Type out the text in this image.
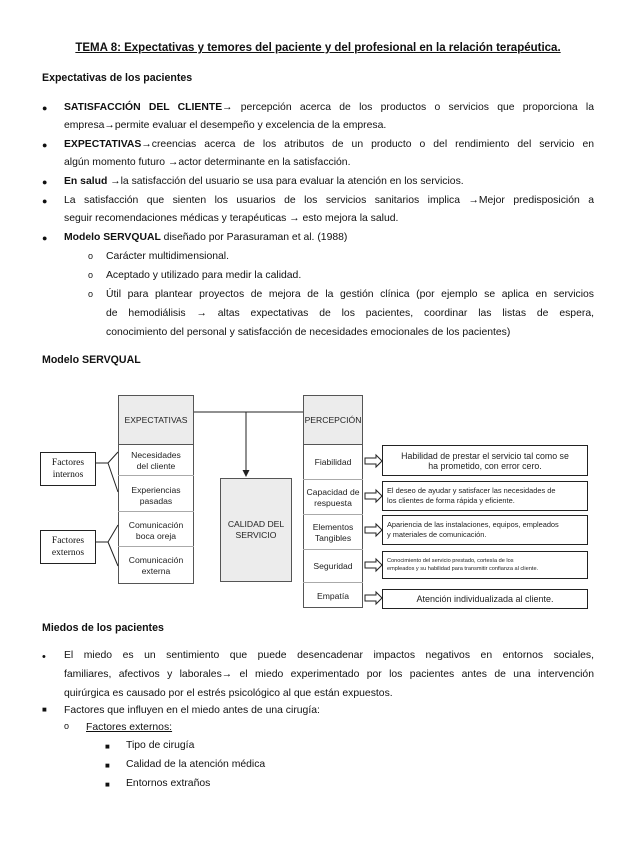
TEMA 8: Expectativas y temores del paciente y del profesional en la relación terapéutica.
Expectativas de los pacientes
● SATISFACCIÓN DEL CLIENTE→ percepción acerca de los productos o servicios que proporciona la
empresa→permite evaluar el desempeño y excelencia de la empresa.
● EXPECTATIVAS→creencias acerca de los atributos de un producto o del rendimiento del servicio en
algún momento futuro →actor determinante en la satisfacción.
● En salud →la satisfacción del usuario se usa para evaluar la atención en los servicios.
● La satisfacción que sienten los usuarios de los servicios sanitarios implica →Mejor predisposición a
seguir recomendaciones médicas y terapéuticas → esto mejora la salud.
● Modelo SERVQUAL diseñado por Parasuraman et al. (1988)
o Carácter multidimensional.
o Aceptado y utilizado para medir la calidad.
o Útil para plantear proyectos de mejora de la gestión clínica (por ejemplo se aplica en servicios
de hemodiálisis → altas expectativas de los pacientes, coordinar las listas de espera,
conocimiento del personal y satisfacción de necesidades emocionales de los pacientes)
Modelo SERVQUAL
EXPECTATIVAS
Necesidades
del cliente
Experiencias
pasadas
Comunicación
boca oreja
Comunicación
externa
CALIDAD DEL
SERVICIO
PERCEPCIÓN
Fiabilidad
Capacidad de
respuesta
Elementos
Tangibles
Seguridad
Empatía
Habilidad de prestar el servicio tal como se
ha prometido, con error cero.
El deseo de ayudar y satisfacer las necesidades de
los clientes de forma rápida y eficiente.
Apariencia de las instalaciones, equipos, empleados
y materiales de comunicación.
Conocimiento del servicio prestado, cortesía de los
empleados y su habilidad para transmitir confianza al cliente.
Atención individualizada al cliente.
Factores
internos
Factores
externos
Miedos de los pacientes
• El miedo es un sentimiento que puede desencadenar impactos negativos en entornos sociales,
familiares, afectivos y laborales→ el miedo experimentado por los pacientes antes de una intervención
quirúrgica es causado por el estrés psicológico al que están expuestos.
■ Factores que influyen en el miedo antes de una cirugía:
o Factores externos:
■ Tipo de cirugía
■ Calidad de la atención médica
■ Entornos extraños
